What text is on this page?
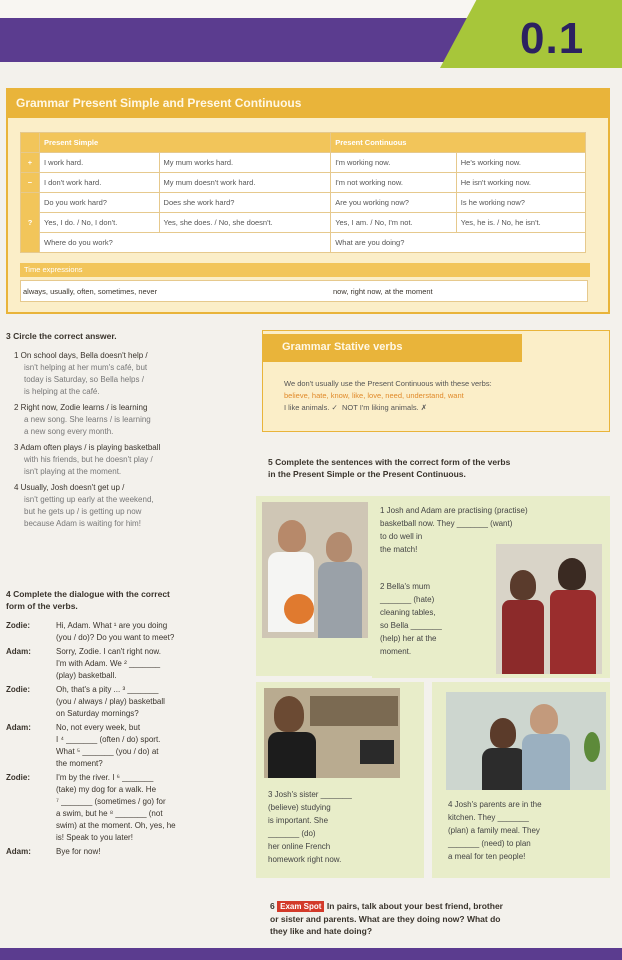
0.1
Grammar Present Simple and Present Continuous
	Present Simple		Present Continuous	
+	I work hard.	My mum works hard.	I'm working now.	He's working now.
−	I don't work hard.	My mum doesn't work hard.	I'm not working now.	He isn't working now.
?	Do you work hard?	Does she work hard?	Are you working now?	Is he working now?
	Yes, I do. / No, I don't.	Yes, she does. / No, she doesn't.	Yes, I am. / No, I'm not.	Yes, he is. / No, he isn't.
	Where do you work?		What are you doing?	
Time expressions
always, usually, often, sometimes, never	now, right now, at the moment
3 Circle the correct answer.
1 On school days, Bella doesn't help /
isn't helping at her mum's café, but
today is Saturday, so Bella helps /
is helping at the café.
2 Right now, Zodie learns / is learning
a new song. She learns / is learning
a new song every month.
3 Adam often plays / is playing basketball
with his friends, but he doesn't play /
isn't playing at the moment.
4 Usually, Josh doesn't get up /
isn't getting up early at the weekend,
but he gets up / is getting up now
because Adam is waiting for him!
4 Complete the dialogue with the correct
form of the verbs.
Zodie:	Hi, Adam. What ¹ are you doing
(you / do)? Do you want to meet?
Adam:	Sorry, Zodie. I can't right now.
I'm with Adam. We ² _______
(play) basketball.
Zodie:	Oh, that's a pity ... ³ _______
(you / always / play) basketball
on Saturday mornings?
Adam:	No, not every week, but
I ⁴ _______ (often / do) sport.
What ⁵ _______ (you / do) at
the moment?
Zodie:	I'm by the river. I ⁶ _______
(take) my dog for a walk. He
⁷ _______ (sometimes / go) for
a swim, but he ⁸ _______ (not
swim) at the moment. Oh, yes, he
is! Speak to you later!
Adam:	Bye for now!
Grammar Stative verbs
We don't usually use the Present Continuous with these verbs:
believe, hate, know, like, love, need, understand, want
I like animals. ✓ NOT I'm liking animals. ✗
5 Complete the sentences with the correct form of the verbs
in the Present Simple or the Present Continuous.
1 Josh and Adam are practising (practise)
basketball now. They _______ (want)
to do well in
the match!
2 Bella's mum
_______ (hate)
cleaning tables,
so Bella _______
(help) her at the
moment.
3 Josh's sister _______
(believe) studying
is important. She
_______ (do)
her online French
homework right now.
4 Josh's parents are in the
kitchen. They _______
(plan) a family meal. They
_______ (need) to plan
a meal for ten people!
6 Exam Spot In pairs, talk about your best friend, brother
or sister and parents. What are they doing now? What do
they like and hate doing?
